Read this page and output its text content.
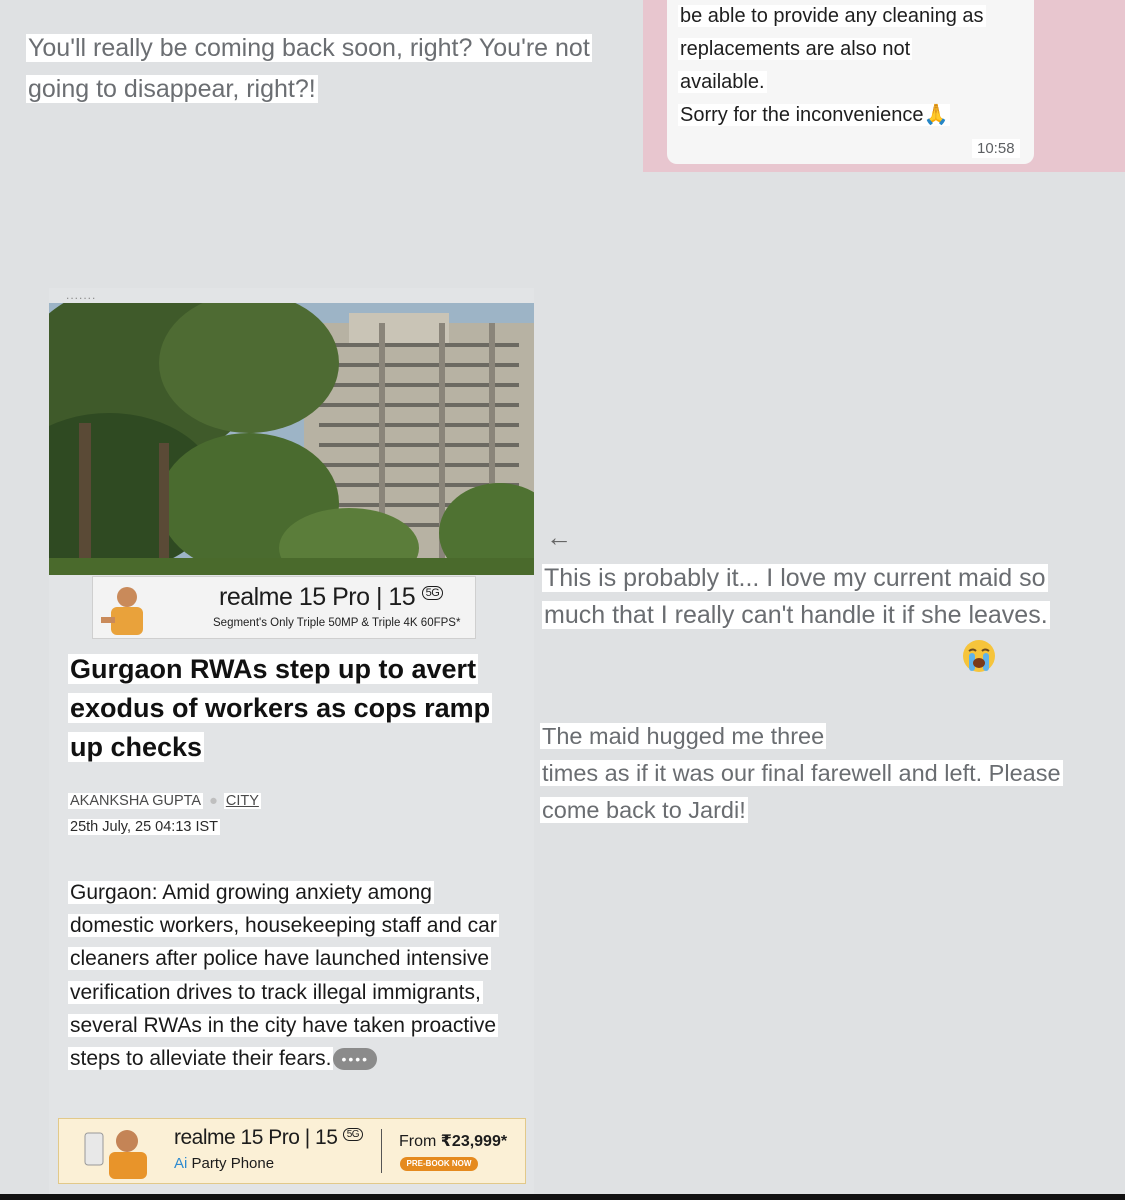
You'll really be coming back soon, right? You're not going to disappear, right?!
be able to provide any cleaning as
replacements are also not
available.
Sorry for the inconvenience🙏
10:58
.......
realme 15 Pro | 15 $^{5G}$
Segment's Only Triple 50MP & Triple 4K 60FPS*
Gurgaon RWAs step up to avert exodus of workers as cops ramp up checks
AKANKSHA GUPTA ● CITY
25th July, 25 04:13 IST
Gurgaon: Amid growing anxiety among domestic workers, housekeeping staff and car cleaners after police have launched intensive verification drives to track illegal immigrants, several RWAs in the city have taken proactive steps to alleviate their fears. ••••
realme 15 Pro | 15 $^{5G}$
Ai Party Phone
From ₹23,999*
PRE-BOOK NOW
←
This is probably it... I love my current maid so much that I really can't handle it if she leaves.
The maid hugged me three
times as if it was our final farewell and left. Please
come back to Jardi!
